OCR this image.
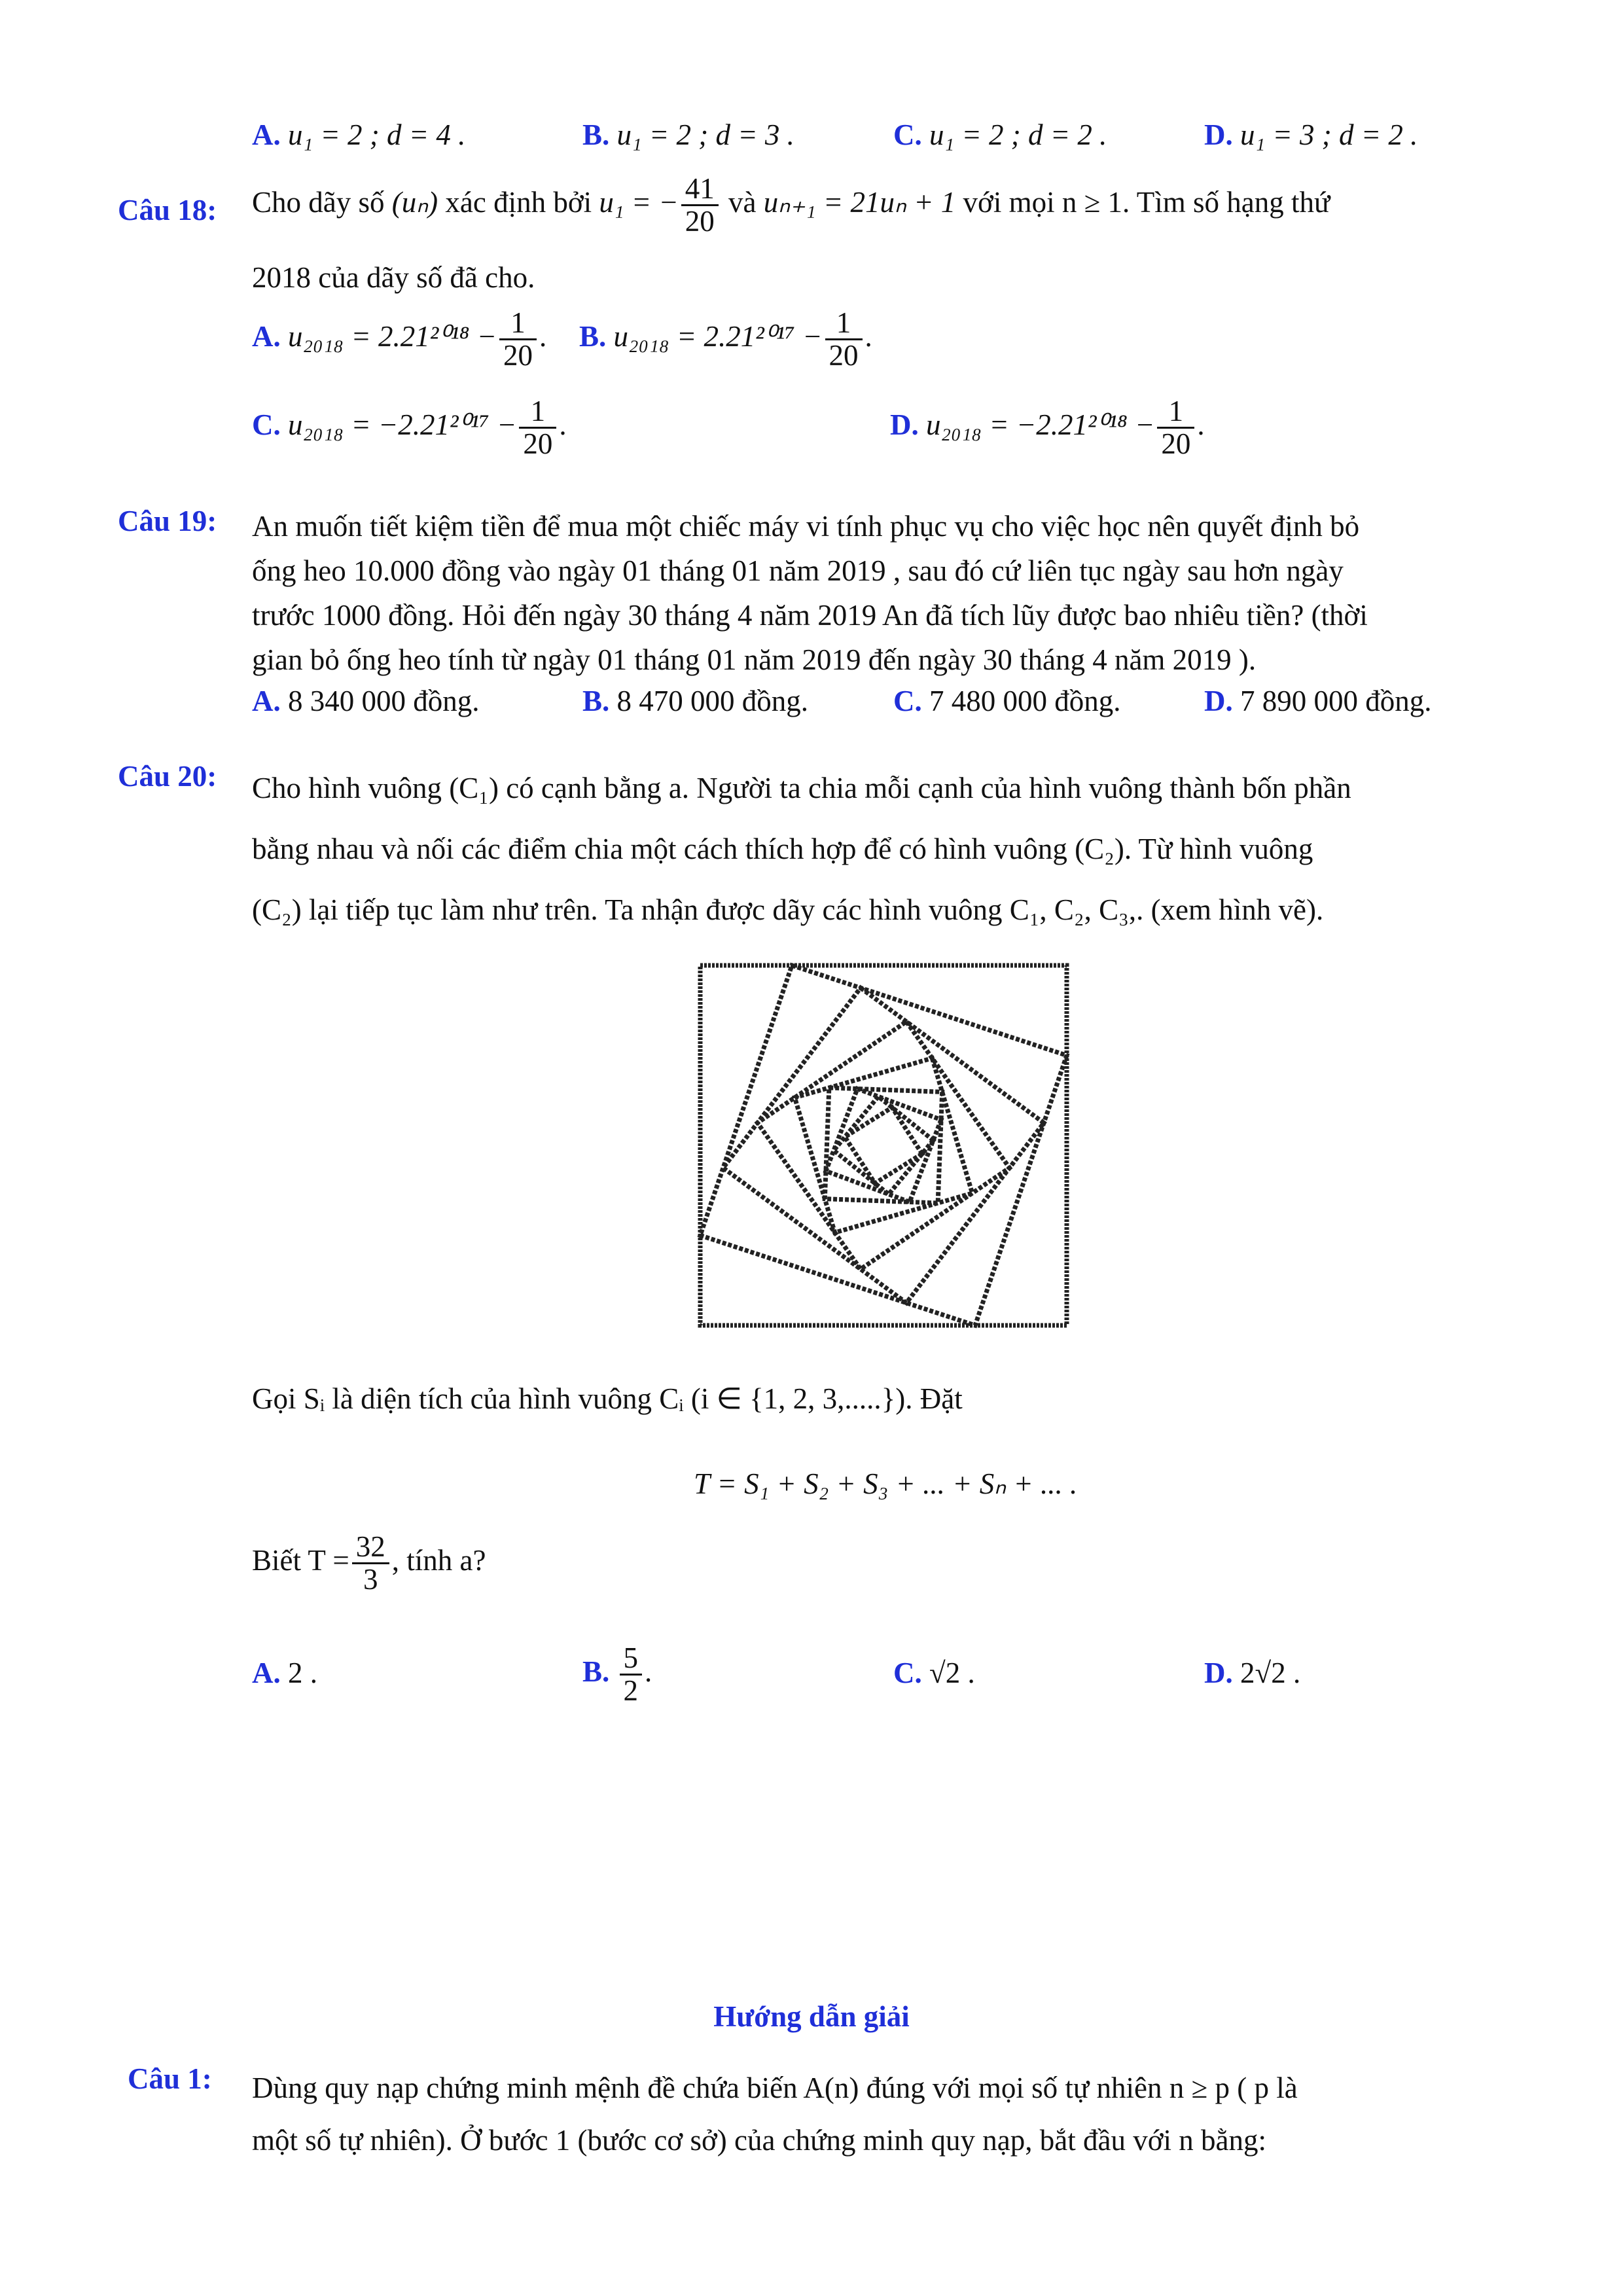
A. u₁ = 2 ; d = 4 .	B. u₁ = 2 ; d = 3 .	C. u₁ = 2 ; d = 2 .	D. u₁ = 3 ; d = 2 .
Câu 18: Cho dãy số (uₙ) xác định bởi u₁ = − $\frac{41}{20}$ và uₙ₊₁ = 21uₙ + 1 với mọi n ≥ 1. Tìm số hạng thứ
2018 của dãy số đã cho.
A. $u_{2018} = 2.21^{2018} - \frac{1}{20}$ . B. $u_{2018} = 2.21^{2017} - \frac{1}{20}$ .
C. $u_{2018} = -2.21^{2017} - \frac{1}{20}$ .	D. $u_{2018} = -2.21^{2018} - \frac{1}{20}$ .
Câu 19: An muốn tiết kiệm tiền để mua một chiếc máy vi tính phục vụ cho việc học nên quyết định bỏ
ống heo 10.000 đồng vào ngày 01 tháng 01 năm 2019 , sau đó cứ liên tục ngày sau hơn ngày
trước 1000 đồng. Hỏi đến ngày 30 tháng 4 năm 2019 An đã tích lũy được bao nhiêu tiền? (thời
gian bỏ ống heo tính từ ngày 01 tháng 01 năm 2019 đến ngày 30 tháng 4 năm 2019 ).
A. 8 340 000 đồng.	B. 8 470 000 đồng.	C. 7 480 000 đồng.	D. 7 890 000 đồng.
Câu 20: Cho hình vuông (C₁) có cạnh bằng a. Người ta chia mỗi cạnh của hình vuông thành bốn phần
bằng nhau và nối các điểm chia một cách thích hợp để có hình vuông (C₂). Từ hình vuông
(C₂) lại tiếp tục làm như trên. Ta nhận được dãy các hình vuông C₁, C₂, C₃,. (xem hình vẽ).
Gọi Sᵢ là diện tích của hình vuông Cᵢ (i ∈ {1, 2, 3,.....}). Đặt
T = S₁ + S₂ + S₃ + ... + Sₙ + ... .
Biết $T = \frac{32}{3}$ , tính a?
A. 2 .	B. $\frac{5}{2}$ .	C. √2 .	D. 2√2 .
Hướng dẫn giải
Câu 1: Dùng quy nạp chứng minh mệnh đề chứa biến A(n) đúng với mọi số tự nhiên n ≥ p ( p là
một số tự nhiên). Ở bước 1 (bước cơ sở) của chứng minh quy nạp, bắt đầu với n bằng:
